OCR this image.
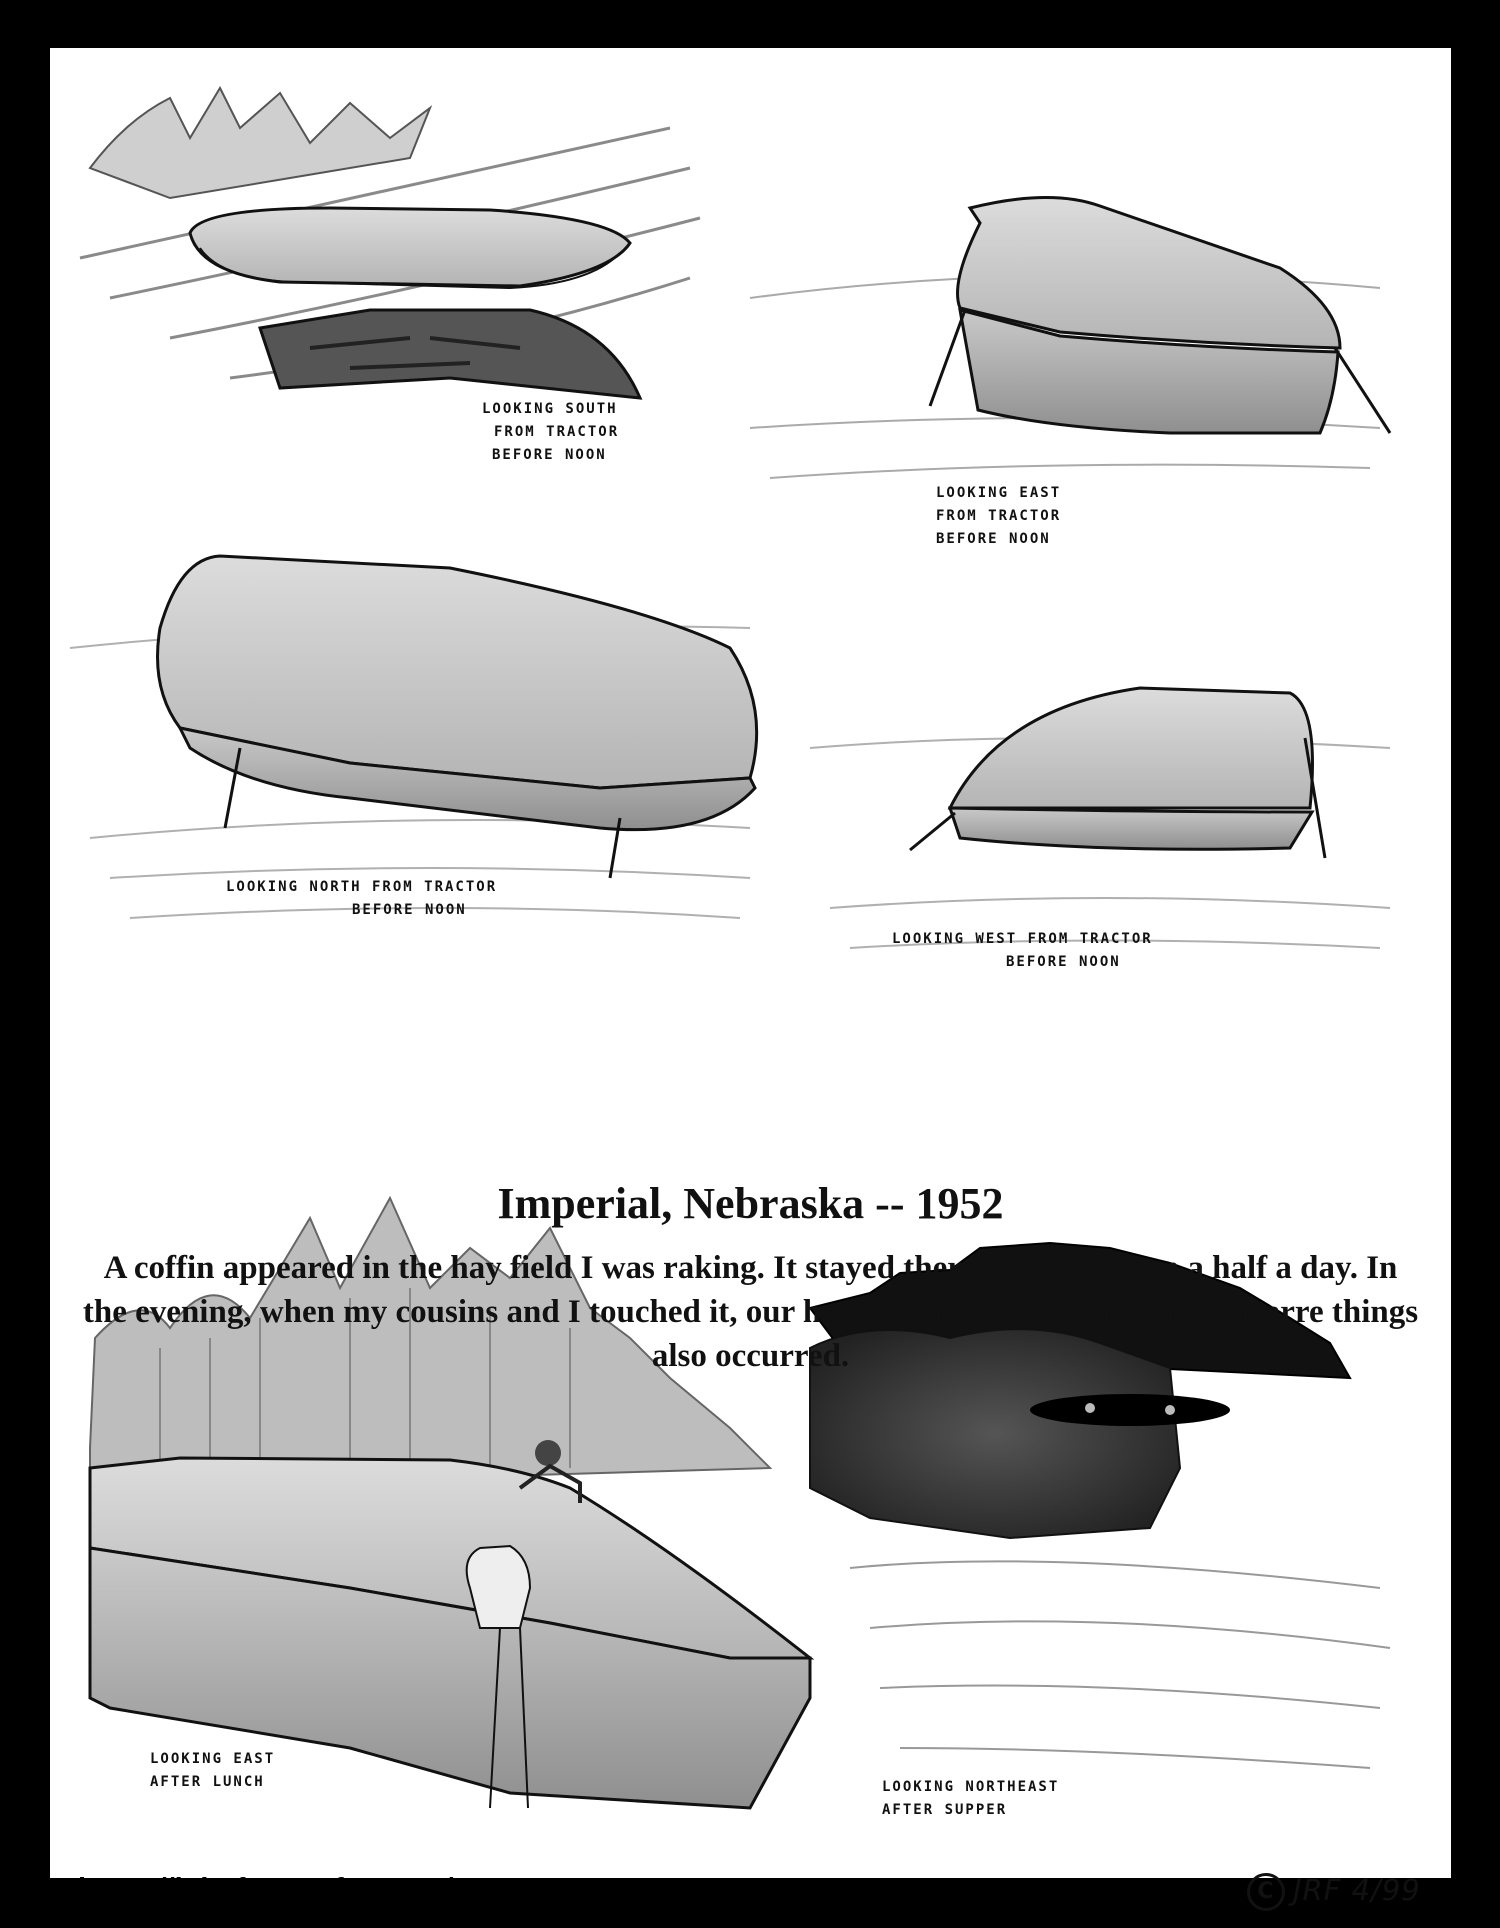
LOOKING SOUTH
FROM TRACTOR
BEFORE NOON
LOOKING EAST
FROM TRACTOR
BEFORE NOON
LOOKING NORTH FROM TRACTOR
BEFORE NOON
LOOKING WEST FROM TRACTOR
BEFORE NOON
Imperial, Nebraska -- 1952

A coffin appeared in the hay field I was raking. It stayed there for more than a half a day. In the evening, when my cousins and I touched it, our hands went through it. Other bizarre things also occurred.

LOOKING EAST
AFTER LUNCH	LOOKING NORTHEAST
AFTER SUPPER
https://johnfosterufos.com/	C JRF 4/99
